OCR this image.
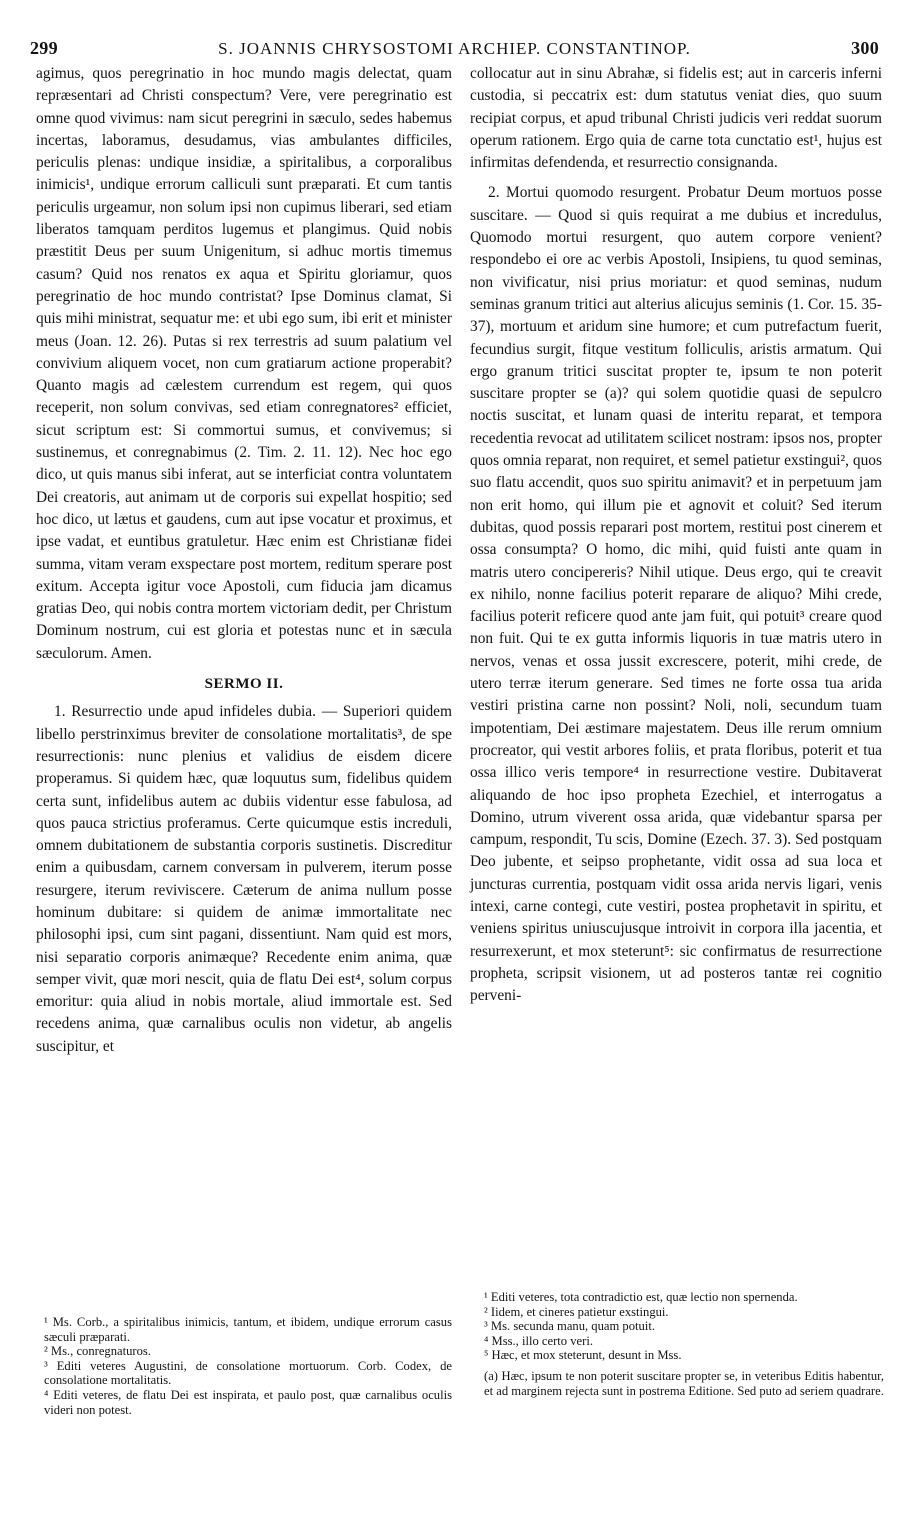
299	S. JOANNIS CHRYSOSTOMI ARCHIEP. CONSTANTINOP.	300

agimus, quos peregrinatio in hoc mundo magis delectat, quam repræsentari ad Christi conspectum? Vere, vere peregrinatio est omne quod vivimus: nam sicut peregrini in sæculo, sedes habemus incertas, laboramus, desudamus, vias ambulantes difficiles, periculis plenas: undique insidiæ, a spiritalibus, a corporalibus inimicis¹, undique errorum calliculi sunt præparati. Et cum tantis periculis urgeamur, non solum ipsi non cupimus liberari, sed etiam liberatos tamquam perditos lugemus et plangimus. Quid nobis præstitit Deus per suum Unigenitum, si adhuc mortis timemus casum? Quid nos renatos ex aqua et Spiritu gloriamur, quos peregrinatio de hoc mundo contristat? Ipse Dominus clamat, Si quis mihi ministrat, sequatur me: et ubi ego sum, ibi erit et minister meus (Joan. 12. 26). Putas si rex terrestris ad suum palatium vel convivium aliquem vocet, non cum gratiarum actione properabit? Quanto magis ad cælestem currendum est regem, qui quos receperit, non solum convivas, sed etiam conregnatores² efficiet, sicut scriptum est: Si commortui sumus, et convivemus; si sustinemus, et conregnabimus (2. Tim. 2. 11. 12). Nec hoc ego dico, ut quis manus sibi inferat, aut se interficiat contra voluntatem Dei creatoris, aut animam ut de corporis sui expellat hospitio; sed hoc dico, ut lætus et gaudens, cum aut ipse vocatur et proximus, et ipse vadat, et euntibus gratuletur. Hæc enim est Christianæ fidei summa, vitam veram exspectare post mortem, reditum sperare post exitum. Accepta igitur voce Apostoli, cum fiducia jam dicamus gratias Deo, qui nobis contra mortem victoriam dedit, per Christum Dominum nostrum, cui est gloria et potestas nunc et in sæcula sæculorum. Amen.

SERMO II.

1. Resurrectio unde apud infideles dubia. — Superiori quidem libello perstrinximus breviter de consolatione mortalitatis³, de spe resurrectionis: nunc plenius et validius de eisdem dicere properamus. Si quidem hæc, quæ loquutus sum, fidelibus quidem certa sunt, infidelibus autem ac dubiis videntur esse fabulosa, ad quos pauca strictius proferamus. Certe quicumque estis increduli, omnem dubitationem de substantia corporis sustinetis. Discreditur enim a quibusdam, carnem conversam in pulverem, iterum posse resurgere, iterum reviviscere. Cæterum de anima nullum posse hominum dubitare: si quidem de animæ immortalitate nec philosophi ipsi, cum sint pagani, dissentiunt. Nam quid est mors, nisi separatio corporis animæque? Recedente enim anima, quæ semper vivit, quæ mori nescit, quia de flatu Dei est⁴, solum corpus emoritur: quia aliud in nobis mortale, aliud immortale est. Sed recedens anima, quæ carnalibus oculis non videtur, ab angelis suscipitur, et

collocatur aut in sinu Abrahæ, si fidelis est; aut in carceris inferni custodia, si peccatrix est: dum statutus veniat dies, quo suum recipiat corpus, et apud tribunal Christi judicis veri reddat suorum operum rationem. Ergo quia de carne tota cunctatio est¹, hujus est infirmitas defendenda, et resurrectio consignanda.

2. Mortui quomodo resurgent. Probatur Deum mortuos posse suscitare. — Quod si quis requirat a me dubius et incredulus, Quomodo mortui resurgent, quo autem corpore venient? respondebo ei ore ac verbis Apostoli, Insipiens, tu quod seminas, non vivificatur, nisi prius moriatur: et quod seminas, nudum seminas granum tritici aut alterius alicujus seminis (1. Cor. 15. 35-37), mortuum et aridum sine humore; et cum putrefactum fuerit, fecundius surgit, fitque vestitum folliculis, aristis armatum. Qui ergo granum tritici suscitat propter te, ipsum te non poterit suscitare propter se (a)? qui solem quotidie quasi de sepulcro noctis suscitat, et lunam quasi de interitu reparat, et tempora recedentia revocat ad utilitatem scilicet nostram: ipsos nos, propter quos omnia reparat, non requiret, et semel patietur exstingui², quos suo flatu accendit, quos suo spiritu animavit? et in perpetuum jam non erit homo, qui illum pie et agnovit et coluit? Sed iterum dubitas, quod possis reparari post mortem, restitui post cinerem et ossa consumpta? O homo, dic mihi, quid fuisti ante quam in matris utero concipereris? Nihil utique. Deus ergo, qui te creavit ex nihilo, nonne facilius poterit reparare de aliquo? Mihi crede, facilius poterit reficere quod ante jam fuit, qui potuit³ creare quod non fuit. Qui te ex gutta informis liquoris in tuæ matris utero in nervos, venas et ossa jussit excrescere, poterit, mihi crede, de utero terræ iterum generare. Sed times ne forte ossa tua arida vestiri pristina carne non possint? Noli, noli, secundum tuam impotentiam, Dei æstimare majestatem. Deus ille rerum omnium procreator, qui vestit arbores foliis, et prata floribus, poterit et tua ossa illico veris tempore⁴ in resurrectione vestire. Dubitaverat aliquando de hoc ipso propheta Ezechiel, et interrogatus a Domino, utrum viverent ossa arida, quæ videbantur sparsa per campum, respondit, Tu scis, Domine (Ezech. 37. 3). Sed postquam Deo jubente, et seipso prophetante, vidit ossa ad sua loca et juncturas currentia, postquam vidit ossa arida nervis ligari, venis intexi, carne contegi, cute vestiri, postea prophetavit in spiritu, et veniens spiritus uniuscujusque introivit in corpora illa jacentia, et resurrexerunt, et mox steterunt⁵: sic confirmatus de resurrectione propheta, scripsit visionem, ut ad posteros tantæ rei cognitio perveni-

¹ Ms. Corb., a spiritalibus inimicis, tantum, et ibidem, undique errorum casus sæculi præparati.

² Ms., conregnaturos.

³ Editi veteres Augustini, de consolatione mortuorum. Corb. Codex, de consolatione mortalitatis.

⁴ Editi veteres, de flatu Dei est inspirata, et paulo post, quæ carnalibus oculis videri non potest.

¹ Editi veteres, tota contradictio est, quæ lectio non spernenda.

² Iidem, et cineres patietur exstingui.

³ Ms. secunda manu, quam potuit.

⁴ Mss., illo certo veri.

⁵ Hæc, et mox steterunt, desunt in Mss.

(a) Hæc, ipsum te non poterit suscitare propter se, in veteribus Editis habentur, et ad marginem rejecta sunt in postrema Editione. Sed puto ad seriem quadrare.
